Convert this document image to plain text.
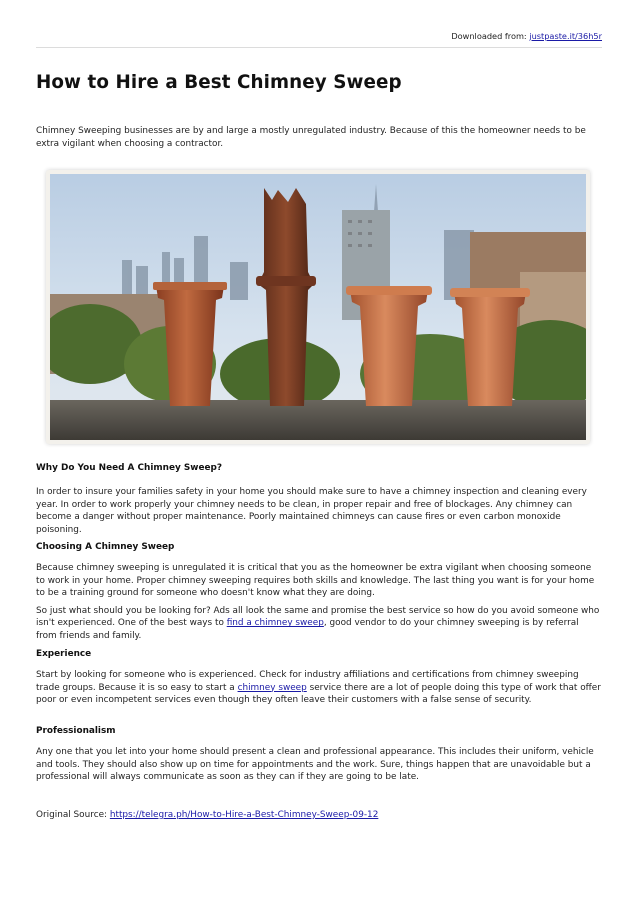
Downloaded from: justpaste.it/36h5r
How to Hire a Best Chimney Sweep

Chimney Sweeping businesses are by and large a mostly unregulated industry. Because of this the homeowner needs to be extra vigilant when choosing a contractor.

Why Do You Need A Chimney Sweep?

In order to insure your families safety in your home you should make sure to have a chimney inspection and cleaning every year. In order to work properly your chimney needs to be clean, in proper repair and free of blockages. Any chimney can become a danger without proper maintenance. Poorly maintained chimneys can cause fires or even carbon monoxide poisoning.

Choosing A Chimney Sweep

Because chimney sweeping is unregulated it is critical that you as the homeowner be extra vigilant when choosing someone to work in your home. Proper chimney sweeping requires both skills and knowledge. The last thing you want is for your home to be a training ground for someone who doesn't know what they are doing.

So just what should you be looking for? Ads all look the same and promise the best service so how do you avoid someone who isn't experienced. One of the best ways to find a chimney sweep, good vendor to do your chimney sweeping is by referral from friends and family.

Experience

Start by looking for someone who is experienced. Check for industry affiliations and certifications from chimney sweeping trade groups. Because it is so easy to start a chimney sweep service there are a lot of people doing this type of work that offer poor or even incompetent services even though they often leave their customers with a false sense of security.

Professionalism

Any one that you let into your home should present a clean and professional appearance. This includes their uniform, vehicle and tools. They should also show up on time for appointments and the work. Sure, things happen that are unavoidable but a professional will always communicate as soon as they can if they are going to be late.

Original Source: https://telegra.ph/How-to-Hire-a-Best-Chimney-Sweep-09-12
